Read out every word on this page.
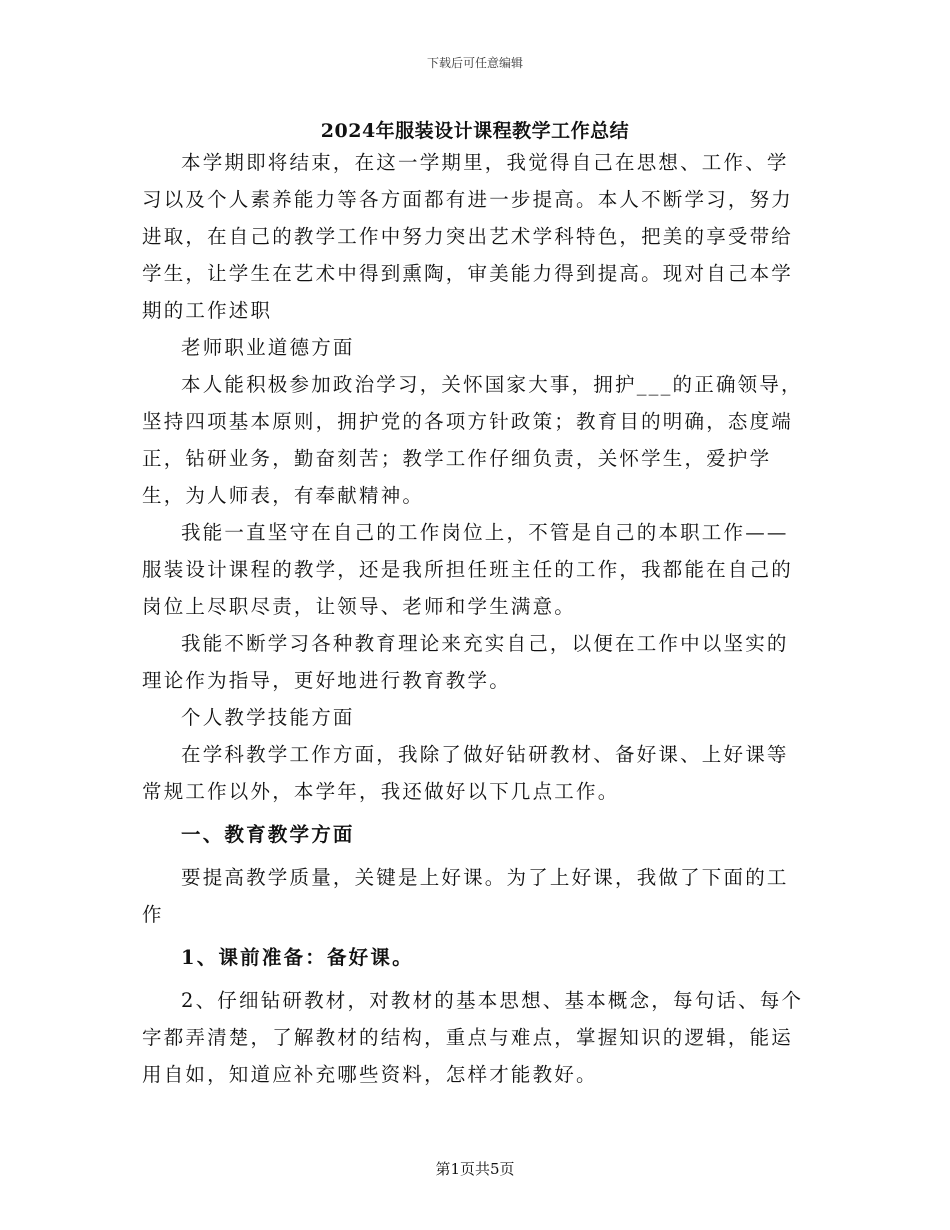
下载后可任意编辑
2024年服装设计课程教学工作总结

本学期即将结束，在这一学期里，我觉得自己在思想、工作、学习以及个人素养能力等各方面都有进一步提高。本人不断学习，努力进取，在自己的教学工作中努力突出艺术学科特色，把美的享受带给学生，让学生在艺术中得到熏陶，审美能力得到提高。现对自己本学期的工作述职

老师职业道德方面

本人能积极参加政治学习，关怀国家大事，拥护___的正确领导，坚持四项基本原则，拥护党的各项方针政策；教育目的明确，态度端正，钻研业务，勤奋刻苦；教学工作仔细负责，关怀学生，爱护学生，为人师表，有奉献精神。

我能一直坚守在自己的工作岗位上，不管是自己的本职工作——服装设计课程的教学，还是我所担任班主任的工作，我都能在自己的岗位上尽职尽责，让领导、老师和学生满意。

我能不断学习各种教育理论来充实自己，以便在工作中以坚实的理论作为指导，更好地进行教育教学。

个人教学技能方面

在学科教学工作方面，我除了做好钻研教材、备好课、上好课等常规工作以外，本学年，我还做好以下几点工作。

一、教育教学方面

要提高教学质量，关键是上好课。为了上好课，我做了下面的工作

1、课前准备：备好课。

2、仔细钻研教材，对教材的基本思想、基本概念，每句话、每个字都弄清楚，了解教材的结构，重点与难点，掌握知识的逻辑，能运用自如，知道应补充哪些资料，怎样才能教好。

第1页共5页
